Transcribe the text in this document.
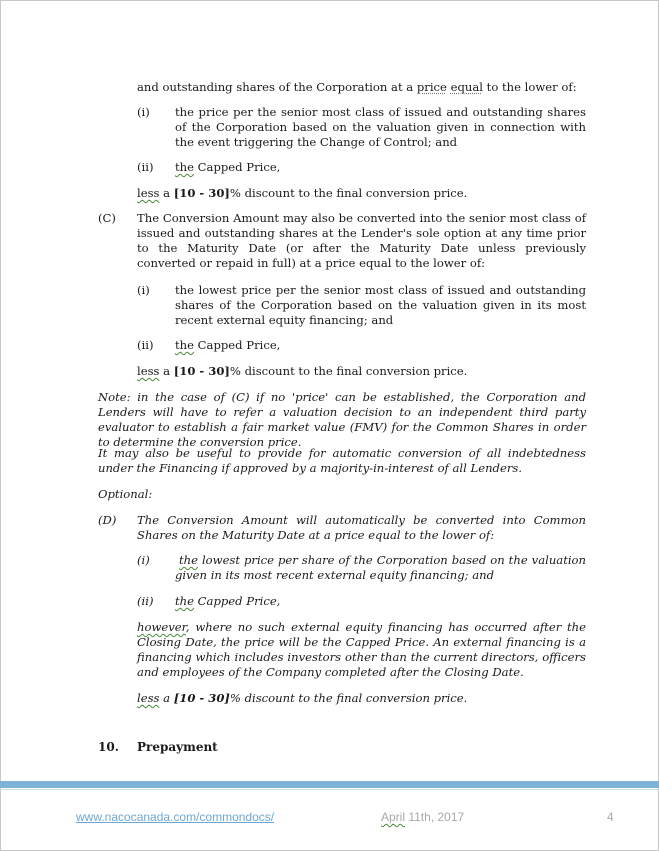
and outstanding shares of the Corporation at a price equal to the lower of:

(i) the price per the senior most class of issued and outstanding shares of the Corporation based on the valuation given in connection with the event triggering the Change of Control; and

(ii) the Capped Price,

less a [10 - 30]% discount to the final conversion price.

(C) The Conversion Amount may also be converted into the senior most class of issued and outstanding shares at the Lender's sole option at any time prior to the Maturity Date (or after the Maturity Date unless previously converted or repaid in full) at a price equal to the lower of:

(i) the lowest price per the senior most class of issued and outstanding shares of the Corporation based on the valuation given in its most recent external equity financing; and

(ii) the Capped Price,

less a [10 - 30]% discount to the final conversion price.

Note: in the case of (C) if no 'price' can be established, the Corporation and Lenders will have to refer a valuation decision to an independent third party evaluator to establish a fair market value (FMV) for the Common Shares in order to determine the conversion price.

It may also be useful to provide for automatic conversion of all indebtedness under the Financing if approved by a majority-in-interest of all Lenders.

Optional:

(D) The Conversion Amount will automatically be converted into Common Shares on the Maturity Date at a price equal to the lower of:

(i)	the lowest price per share of the Corporation based on the valuation given in its most recent external equity financing; and

(ii) the Capped Price,

however, where no such external equity financing has occurred after the Closing Date, the price will be the Capped Price. An external financing is a financing which includes investors other than the current directors, officers and employees of the Company completed after the Closing Date.

less a [10 - 30]% discount to the final conversion price.

10. Prepayment
www.nacocanada.com/commondocs/	April 11th, 2017	4
